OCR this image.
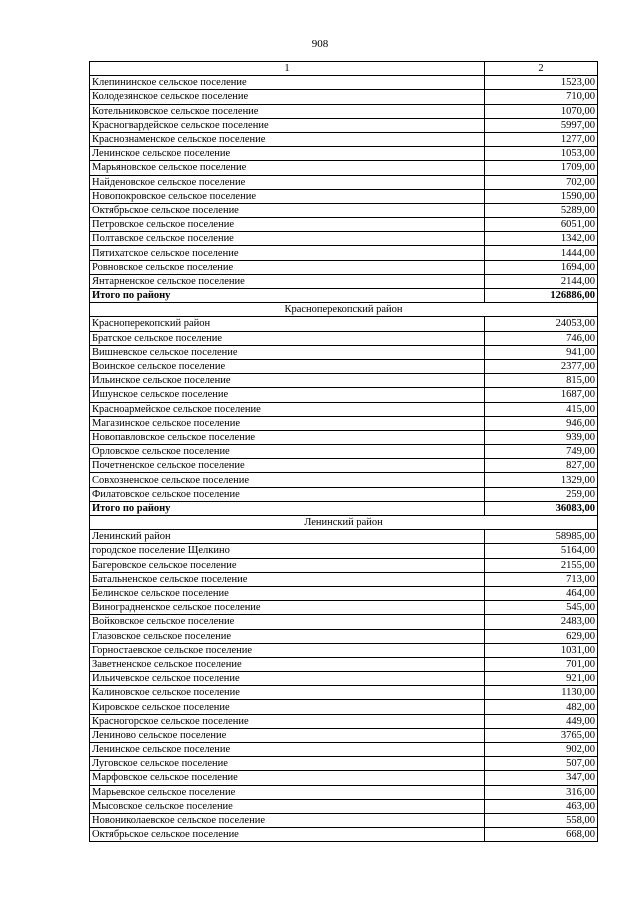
908
1	2
Клепининское сельское поселение	1523,00
Колодезянское сельское поселение	710,00
Котельниковское сельское поселение	1070,00
Красногвардейское сельское поселение	5997,00
Краснознаменское сельское поселение	1277,00
Ленинское сельское поселение	1053,00
Марьяновское сельское поселение	1709,00
Найденовское сельское поселение	702,00
Новопокровское сельское поселение	1590,00
Октябрьское сельское поселение	5289,00
Петровское сельское поселение	6051,00
Полтавское сельское поселение	1342,00
Пятихатское сельское поселение	1444,00
Ровновское сельское поселение	1694,00
Янтарненское сельское поселение	2144,00
Итого по району	126886,00
Красноперекопский район	
Красноперекопский район	24053,00
Братское сельское поселение	746,00
Вишневское сельское поселение	941,00
Воинское сельское поселение	2377,00
Ильинское сельское поселение	815,00
Ишунское сельское поселение	1687,00
Красноармейское сельское поселение	415,00
Магазинское сельское поселение	946,00
Новопавловское сельское поселение	939,00
Орловское сельское поселение	749,00
Почетненское сельское поселение	827,00
Совхозненское сельское поселение	1329,00
Филатовское сельское поселение	259,00
Итого по району	36083,00
Ленинский район	
Ленинский район	58985,00
городское поселение Щелкино	5164,00
Багеровское сельское поселение	2155,00
Батальненское сельское поселение	713,00
Белинское сельское поселение	464,00
Виноградненское сельское поселение	545,00
Войковское сельское поселение	2483,00
Глазовское сельское поселение	629,00
Горностаевское сельское поселение	1031,00
Заветненское сельское поселение	701,00
Ильичевское сельское поселение	921,00
Калиновское сельское поселение	1130,00
Кировское сельское поселение	482,00
Красногорское сельское поселение	449,00
Лениново сельское поселение	3765,00
Ленинское сельское поселение	902,00
Луговское сельское поселение	507,00
Марфовское сельское поселение	347,00
Марьевское сельское поселение	316,00
Мысовское сельское поселение	463,00
Новониколаевское сельское поселение	558,00
Октябрьское сельское поселение	668,00
